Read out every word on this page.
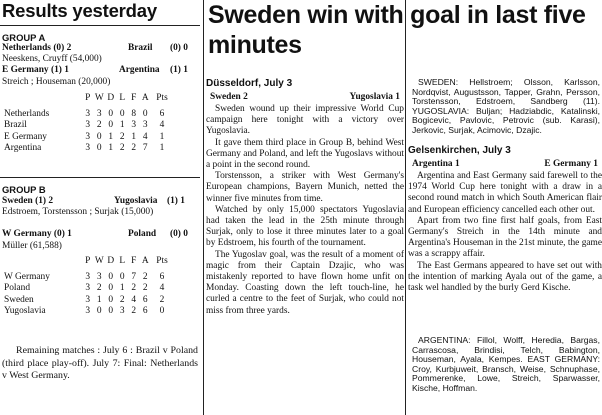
Results yesterday
GROUP A
Netherlands (0) 2	Brazil (0) 0
Neeskens, Cruyff (54,000)
E Germany (1) 1	Argentina (1) 1
Streich ; Houseman (20,000)
P W D L F A Pts
Netherlands	3 3 0 0 8 0	6
Brazil	3 2 0 1 3 3	4
E Germany	3 0 1 2 1 4	1
Argentina	3 0 1 2 2 7	1
GROUP B
Sweden (1) 2	Yugoslavia (1) 1
Edstroem, Torstensson ; Surjak (15,000)
W Germany (0) 1	Poland (0) 0
Müller (61,588)
P W D L F A Pts
W Germany	3 3 0 0 7 2	6
Poland	3 2 0 1 2 2	4
Sweden	3 1 0 2 4 6	2
Yugoslavia	3 0 0 3 2 6	0
Remaining matches : July 6 : Brazil v Poland (third place play-off). July 7: Final: Netherlands v West Germany.
Sweden win with goal in last five minutes
Düsseldorf, July 3
Sweden 2	Yugoslavia 1

Sweden wound up their impressive World Cup campaign here tonight with a victory over Yugoslavia.

It gave them third place in Group B, behind West Germany and Poland, and left the Yugoslavs without a point in the second round.

Torstensson, a striker with West Germany's European champions, Bayern Munich, netted the winner five minutes from time.

Watched by only 15,000 spectators Yugoslavia had taken the lead in the 25th minute through Surjak, only to lose it three minutes later to a goal by Edstroem, his fourth of the tournament.

The Yugoslav goal, was the result of a moment of magic from their Captain Dzajic, who was mistakenly reported to have flown home unfit on Monday. Coasting down the left touch-line, he curled a centre to the feet of Surjak, who could not miss from three yards.

SWEDEN: Hellstroem; Olsson, Karlsson, Nordqvist, Augustsson, Tapper, Grahn, Persson, Torstensson, Edstroem, Sandberg (11). YUGOSLAVIA: Buljan; Hadziabdic, Katalinski, Bogicevic, Pavlovic, Petrovic (sub. Karasi), Jerkovic, Surjak, Acimovic, Dzajic.
Gelsenkirchen, July 3
Argentina 1	E Germany 1

Argentina and East Germany said farewell to the 1974 World Cup here tonight with a draw in a second round match in which South American flair and European efficiency cancelled each other out.

Apart from two fine first half goals, from East Germany's Streich in the 14th minute and Argentina's Houseman in the 21st minute, the game was a scrappy affair.

The East Germans appeared to have set out with the intention of marking Ayala out of the game, a task wel handled by the burly Gerd Kische.

ARGENTINA: Fillol, Wolff, Heredia, Bargas, Carrascosa, Brindisi, Telch, Babington, Houseman, Ayala, Kempes. EAST GERMANY: Croy, Kurbjuweit, Bransch, Weise, Schnuphase, Pommerenke, Lowe, Streich, Sparwasser, Kische, Hoffman.
